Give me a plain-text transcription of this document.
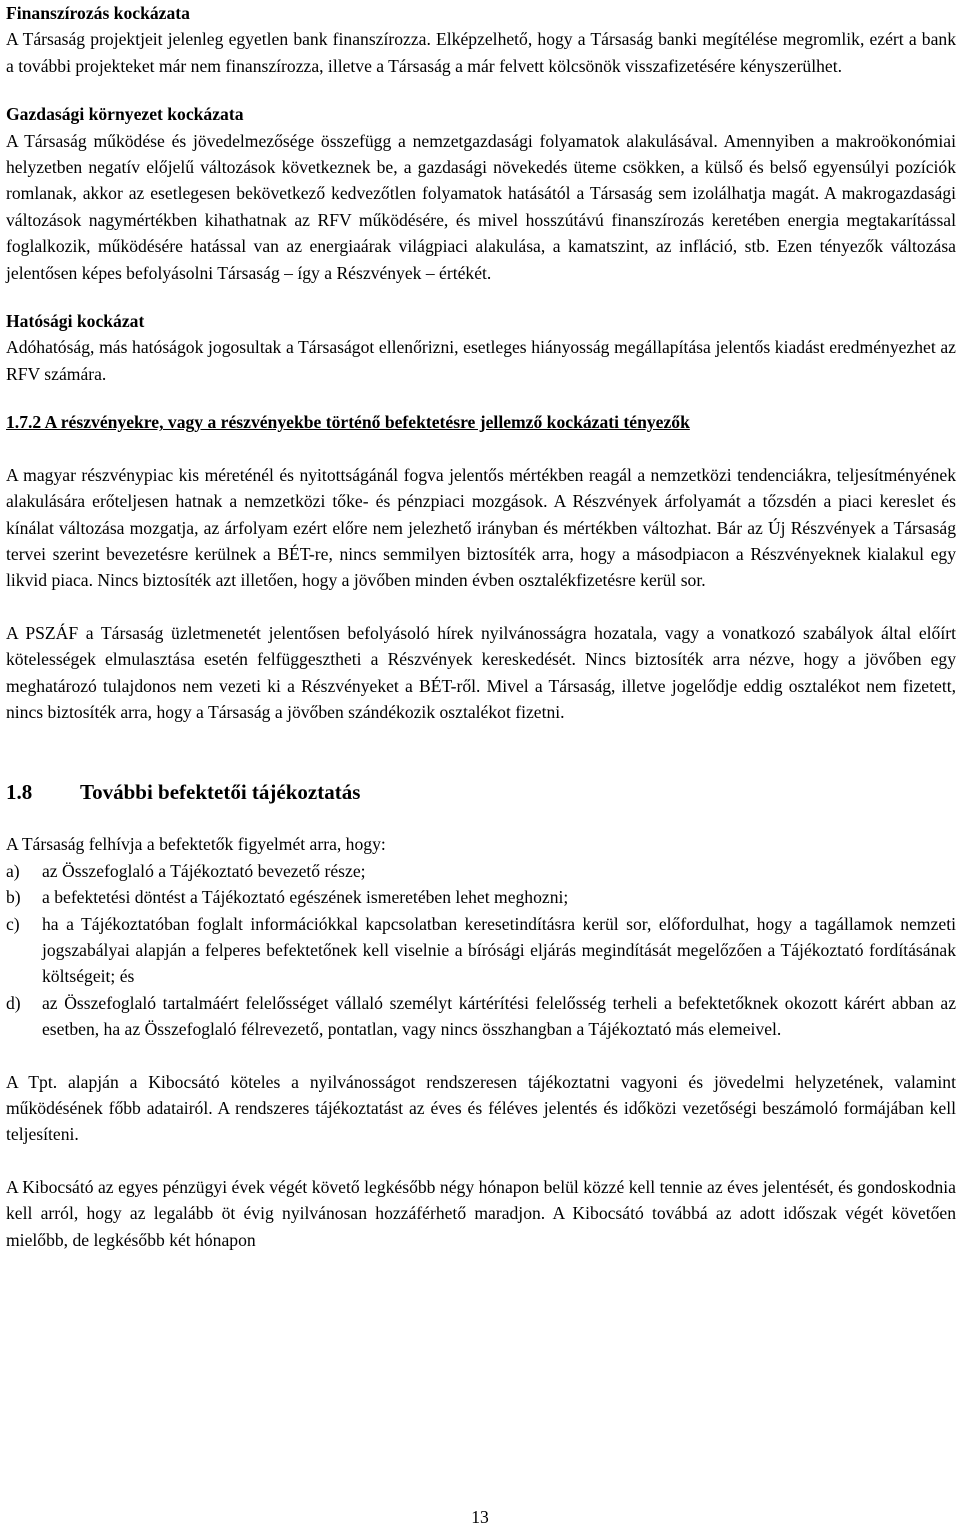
Finanszírozás kockázata

A Társaság projektjeit jelenleg egyetlen bank finanszírozza. Elképzelhető, hogy a Társaság banki megítélése megromlik, ezért a bank a további projekteket már nem finanszírozza, illetve a Társaság a már felvett kölcsönök visszafizetésére kényszerülhet.

Gazdasági környezet kockázata

A Társaság működése és jövedelmezősége összefügg a nemzetgazdasági folyamatok alakulásával. Amennyiben a makroökonómiai helyzetben negatív előjelű változások következnek be, a gazdasági növekedés üteme csökken, a külső és belső egyensúlyi pozíciók romlanak, akkor az esetlegesen bekövetkező kedvezőtlen folyamatok hatásától a Társaság sem izolálhatja magát. A makrogazdasági változások nagymértékben kihathatnak az RFV működésére, és mivel hosszútávú finanszírozás keretében energia megtakarítással foglalkozik, működésére hatással van az energiaárak világpiaci alakulása, a kamatszint, az infláció, stb. Ezen tényezők változása jelentősen képes befolyásolni Társaság – így a Részvények – értékét.

Hatósági kockázat

Adóhatóság, más hatóságok jogosultak a Társaságot ellenőrizni, esetleges hiányosság megállapítása jelentős kiadást eredményezhet az RFV számára.

1.7.2 A részvényekre, vagy a részvényekbe történő befektetésre jellemző kockázati tényezők

A magyar részvénypiac kis méreténél és nyitottságánál fogva jelentős mértékben reagál a nemzetközi tendenciákra, teljesítményének alakulására erőteljesen hatnak a nemzetközi tőke- és pénzpiaci mozgások. A Részvények árfolyamát a tőzsdén a piaci kereslet és kínálat változása mozgatja, az árfolyam ezért előre nem jelezhető irányban és mértékben változhat. Bár az Új Részvények a Társaság tervei szerint bevezetésre kerülnek a BÉT-re, nincs semmilyen biztosíték arra, hogy a másodpiacon a Részvényeknek kialakul egy likvid piaca. Nincs biztosíték azt illetően, hogy a jövőben minden évben osztalékfizetésre kerül sor.

A PSZÁF a Társaság üzletmenetét jelentősen befolyásoló hírek nyilvánosságra hozatala, vagy a vonatkozó szabályok által előírt kötelességek elmulasztása esetén felfüggesztheti a Részvények kereskedését. Nincs biztosíték arra nézve, hogy a jövőben egy meghatározó tulajdonos nem vezeti ki a Részvényeket a BÉT-ről. Mivel a Társaság, illetve jogelődje eddig osztalékot nem fizetett, nincs biztosíték arra, hogy a Társaság a jövőben szándékozik osztalékot fizetni.

1.8 További befektetői tájékoztatás

A Társaság felhívja a befektetők figyelmét arra, hogy:

a) az Összefoglaló a Tájékoztató bevezető része;
b) a befektetési döntést a Tájékoztató egészének ismeretében lehet meghozni;
c) ha a Tájékoztatóban foglalt információkkal kapcsolatban keresetindításra kerül sor, előfordulhat, hogy a tagállamok nemzeti jogszabályai alapján a felperes befektetőnek kell viselnie a bírósági eljárás megindítását megelőzően a Tájékoztató fordításának költségeit; és
d) az Összefoglaló tartalmáért felelősséget vállaló személyt kártérítési felelősség terheli a befektetőknek okozott kárért abban az esetben, ha az Összefoglaló félrevezető, pontatlan, vagy nincs összhangban a Tájékoztató más elemeivel.

A Tpt. alapján a Kibocsátó köteles a nyilvánosságot rendszeresen tájékoztatni vagyoni és jövedelmi helyzetének, valamint működésének főbb adatairól. A rendszeres tájékoztatást az éves és féléves jelentés és időközi vezetőségi beszámoló formájában kell teljesíteni.

A Kibocsátó az egyes pénzügyi évek végét követő legkésőbb négy hónapon belül közzé kell tennie az éves jelentését, és gondoskodnia kell arról, hogy az legalább öt évig nyilvánosan hozzáférhető maradjon. A Kibocsátó továbbá az adott időszak végét követően mielőbb, de legkésőbb két hónapon

13
